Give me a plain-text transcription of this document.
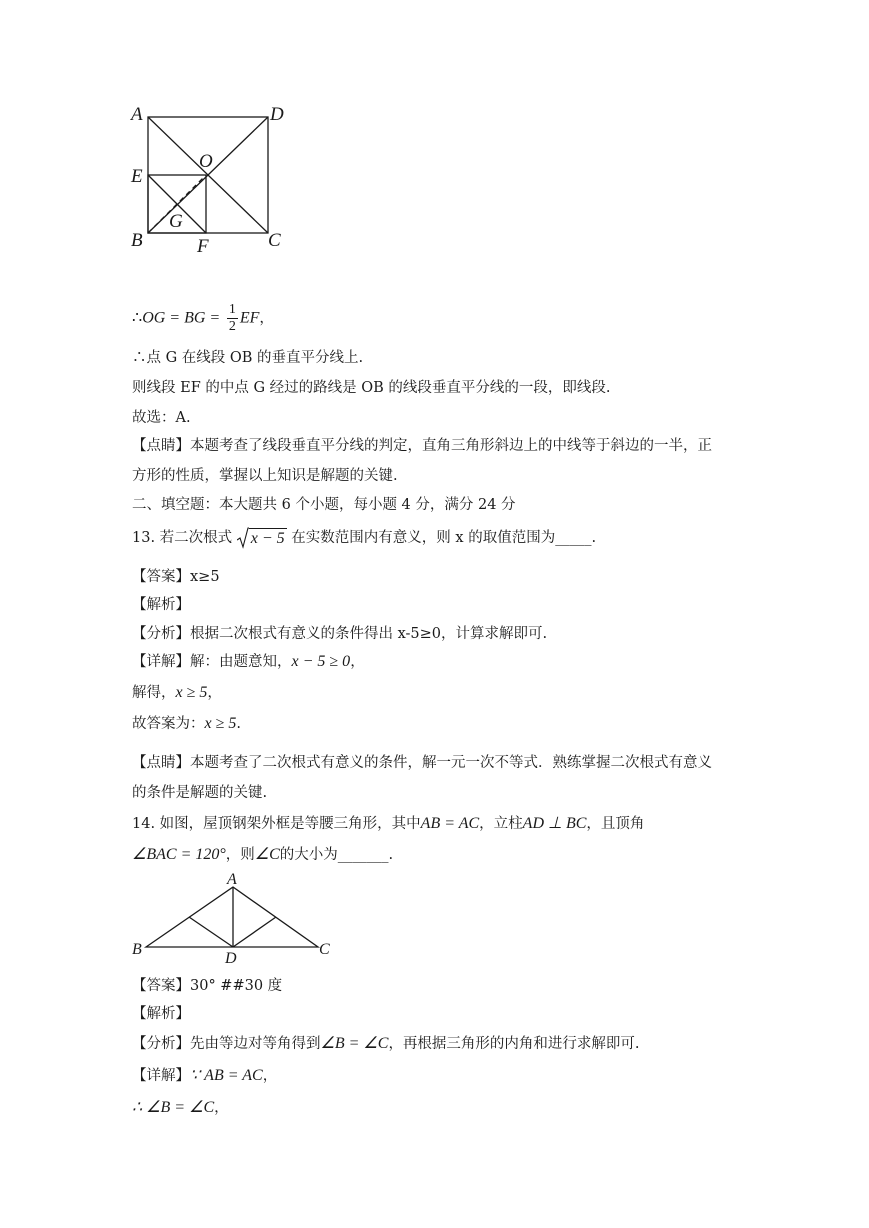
A	D
O
E
G
B	F	C
∴OG = BG = $\frac{1}{2}$ EF，
∴点 G 在线段 OB 的垂直平分线上.
则线段 EF 的中点 G 经过的路线是 OB 的线段垂直平分线的一段，即线段.
故选：A.
【点睛】本题考查了线段垂直平分线的判定，直角三角形斜边上的中线等于斜边的一半，正
方形的性质，掌握以上知识是解题的关键.
二、填空题：本大题共 6 个小题，每小题 4 分，满分 24 分
13. 若二次根式 x − 5 在实数范围内有意义，则 x 的取值范围为_____.
【答案】x≥5
【解析】
【分析】根据二次根式有意义的条件得出 x-5≥0，计算求解即可.
【详解】解：由题意知，x − 5 ≥ 0，
解得，x ≥ 5，
故答案为：x ≥ 5.
【点睛】本题考查了二次根式有意义的条件，解一元一次不等式．熟练掌握二次根式有意义
的条件是解题的关键.
14. 如图，屋顶钢架外框是等腰三角形，其中AB = AC，立柱AD ⊥ BC，且顶角
∠BAC = 120°，则∠C的大小为_______.
A
B	C
D
【答案】30° ##30 度
【解析】
【分析】先由等边对等角得到∠B = ∠C，再根据三角形的内角和进行求解即可.
【详解】∵ AB = AC，
∴ ∠B = ∠C，
